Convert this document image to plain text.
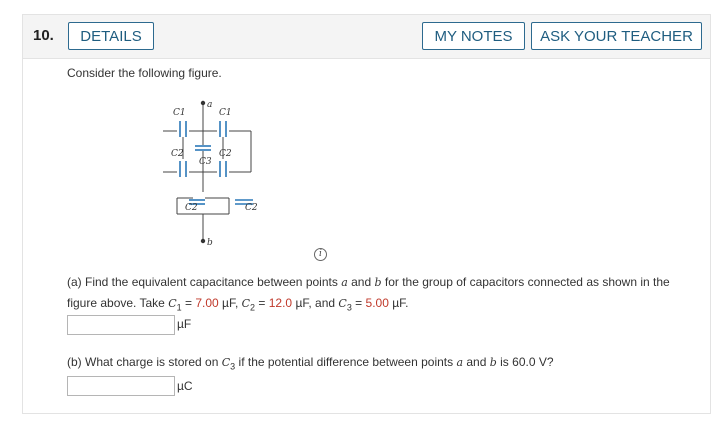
10.	DETAILS	MY NOTES	ASK YOUR TEACHER
Consider the following figure.
a
b
C1	C1
C2
C3
C2
C2	C2
i
(a) Find the equivalent capacitance between points a and b for the group of capacitors connected as shown in the
figure above. Take $C_1 = 7.00$ µF, $C_2 = 12.0$ µF, and $C_3 = 5.00$ µF.
µF
(b) What charge is stored on $C_3$ if the potential difference between points a and b is 60.0 V?
µC
